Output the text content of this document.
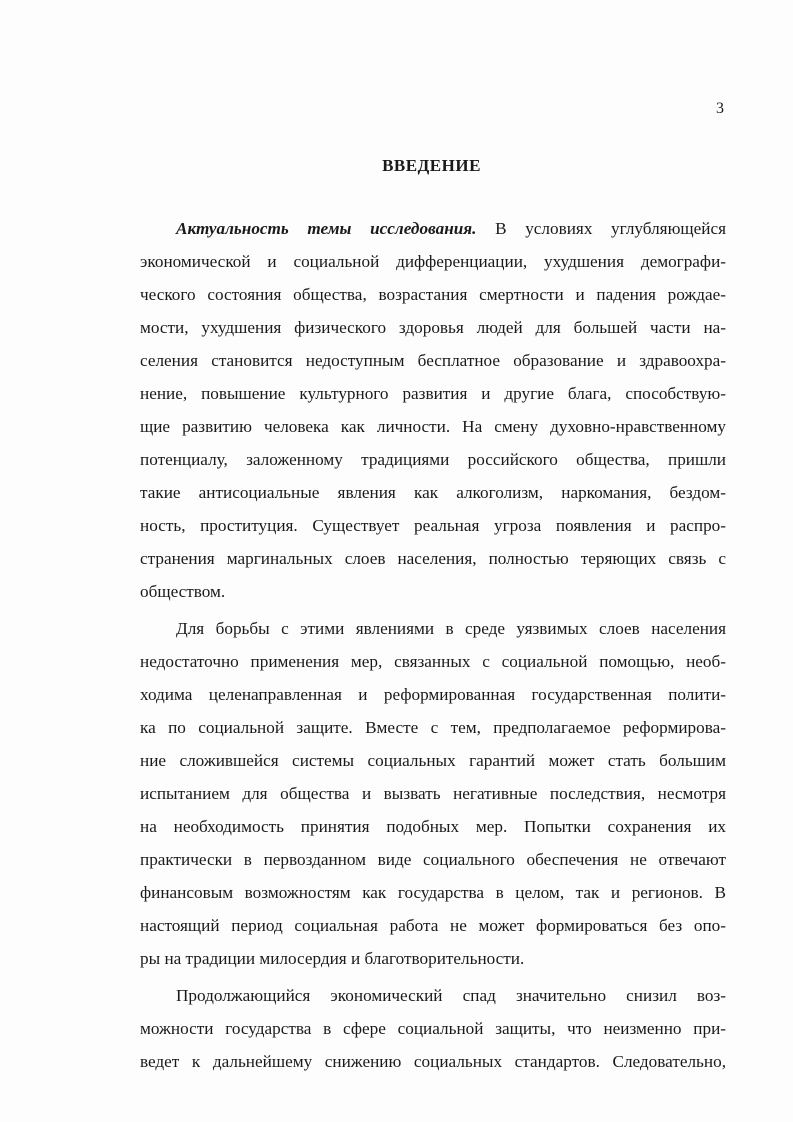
3
ВВЕДЕНИЕ
Актуальность темы исследования. В условиях углубляющейся
экономической и социальной дифференциации, ухудшения демографи-
ческого состояния общества, возрастания смертности и падения рождае-
мости, ухудшения физического здоровья людей для большей части на-
селения становится недоступным бесплатное образование и здравоохра-
нение, повышение культурного развития и другие блага, способствую-
щие развитию человека как личности. На смену духовно-нравственному
потенциалу, заложенному традициями российского общества, пришли
такие антисоциальные явления как алкоголизм, наркомания, бездом-
ность, проституция. Существует реальная угроза появления и распро-
странения маргинальных слоев населения, полностью теряющих связь с
обществом.
Для борьбы с этими явлениями в среде уязвимых слоев населения
недостаточно применения мер, связанных с социальной помощью, необ-
ходима целенаправленная и реформированная государственная полити-
ка по социальной защите. Вместе с тем, предполагаемое реформирова-
ние сложившейся системы социальных гарантий может стать большим
испытанием для общества и вызвать негативные последствия, несмотря
на необходимость принятия подобных мер. Попытки сохранения их
практически в первозданном виде социального обеспечения не отвечают
финансовым возможностям как государства в целом, так и регионов. В
настоящий период социальная работа не может формироваться без опо-
ры на традиции милосердия и благотворительности.
Продолжающийся экономический спад значительно снизил воз-
можности государства в сфере социальной защиты, что неизменно при-
ведет к дальнейшему снижению социальных стандартов. Следовательно,
